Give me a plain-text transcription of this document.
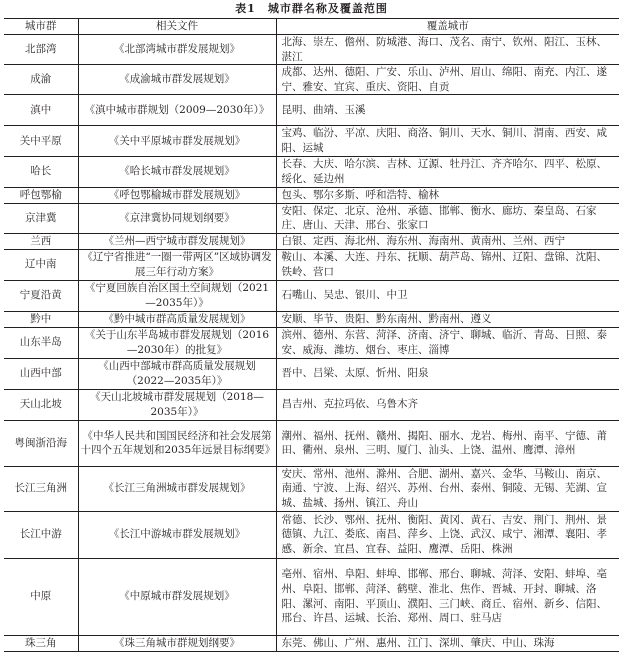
表1　城市群名称及覆盖范围
城市群	相关文件	覆盖城市
北部湾	《北部湾城市群发展规划》	北海、崇左、儋州、防城港、海口、茂名、南宁、钦州、阳江、玉林、湛江
成渝	《成渝城市群发展规划》	成都、达州、德阳、广安、乐山、泸州、眉山、绵阳、南充、内江、遂宁、雅安、宜宾、重庆、资阳、自贡
滇中	《滇中城市群规划（2009—2030年）》	昆明、曲靖、玉溪
关中平原	《关中平原城市群发展规划》	宝鸡、临汾、平凉、庆阳、商洛、铜川、天水、铜川、渭南、西安、咸阳、运城
哈长	《哈长城市群发展规划》	长春、大庆、哈尔滨、吉林、辽源、牡丹江、齐齐哈尔、四平、松原、绥化、延边州
呼包鄂榆	《呼包鄂榆城市群发展规划》	包头、鄂尔多斯、呼和浩特、榆林
京津冀	《京津冀协同规划纲要》	安阳、保定、北京、沧州、承德、邯郸、衡水、廊坊、秦皇岛、石家庄、唐山、天津、邢台、张家口
兰西	《兰州—西宁城市群发展规划》	白银、定西、海北州、海东州、海南州、黄南州、兰州、西宁
辽中南	《辽宁省推进“一圈一带两区”区域协调发展三年行动方案》	鞍山、本溪、大连、丹东、抚顺、葫芦岛、锦州、辽阳、盘锦、沈阳、铁岭、营口
宁夏沿黄	《宁夏回族自治区国土空间规划（2021—2035年）》	石嘴山、吴忠、银川、中卫
黔中	《黔中城市群高质量发展规划》	安顺、毕节、贵阳、黔东南州、黔南州、遵义
山东半岛	《关于山东半岛城市群发展规划（2016—2030年）的批复》	滨州、德州、东营、菏泽、济南、济宁、聊城、临沂、青岛、日照、泰安、威海、潍坊、烟台、枣庄、淄博
山西中部	《山西中部城市群高质量发展规划（2022—2035年）》	晋中、吕梁、太原、忻州、阳泉
天山北坡	《天山北坡城市群发展规划（2018—2035年）》	昌吉州、克拉玛依、乌鲁木齐
粤闽浙沿海	《中华人民共和国国民经济和社会发展第十四个五年规划和2035年远景目标纲要》	潮州、福州、抚州、赣州、揭阳、丽水、龙岩、梅州、南平、宁德、莆田、衢州、泉州、三明、厦门、汕头、上饶、温州、鹰潭、漳州
长江三角洲	《长江三角洲城市群发展规划》	安庆、常州、池州、滁州、合肥、湖州、嘉兴、金华、马鞍山、南京、南通、宁波、上海、绍兴、苏州、台州、泰州、铜陵、无锡、芜湖、宣城、盐城、扬州、镇江、舟山
长江中游	《长江中游城市群发展规划》	常德、长沙、鄂州、抚州、衡阳、黄冈、黄石、吉安、荆门、荆州、景德镇、九江、娄底、南昌、萍乡、上饶、武汉、咸宁、湘潭、襄阳、孝感、新余、宜昌、宜春、益阳、鹰潭、岳阳、株洲
中原	《中原城市群发展规划》	亳州、宿州、阜阳、蚌埠、邯郸、邢台、聊城、菏泽、安阳、蚌埠、亳州、阜阳、邯郸、菏泽、鹤壁、淮北、焦作、晋城、开封、聊城、洛阳、漯河、南阳、平顶山、濮阳、三门峡、商丘、宿州、新乡、信阳、邢台、许昌、运城、长治、郑州、周口、驻马店
珠三角	《珠三角城市群规划纲要》	东莞、佛山、广州、惠州、江门、深圳、肇庆、中山、珠海
